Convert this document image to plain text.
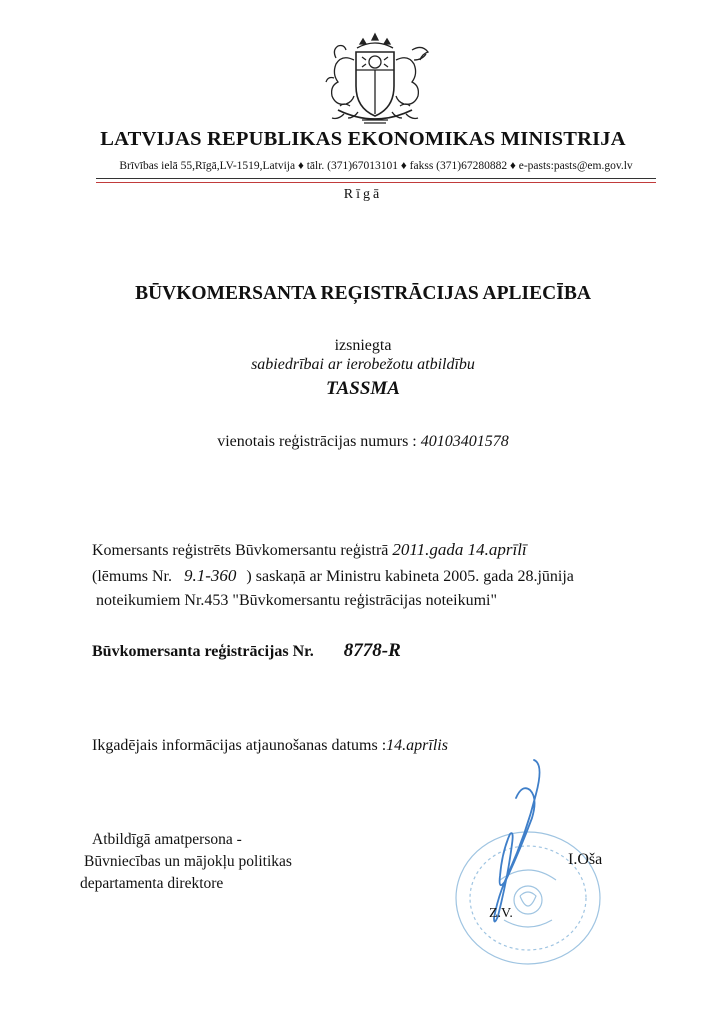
LATVIJAS REPUBLIKAS EKONOMIKAS MINISTRIJA
Brīvības ielā 55,Rīgā,LV-1519,Latvija ♦ tālr. (371)67013101 ♦ fakss (371)67280882 ♦ e-pasts:pasts@em.gov.lv
Rīgā
BŪVKOMERSANTA REĢISTRĀCIJAS APLIECĪBA
izsniegta
sabiedrībai ar ierobežotu atbildību
TASSMA
vienotais reģistrācijas numurs : 40103401578
Komersants reģistrēts Būvkomersantu reģistrā 2011.gada 14.aprīlī
(lēmums Nr. 9.1-360 ) saskaņā ar Ministru kabineta 2005. gada 28.jūnija
noteikumiem Nr.453 "Būvkomersantu reģistrācijas noteikumi"
Būvkomersanta reģistrācijas Nr. 8778-R
Ikgadējais informācijas atjaunošanas datums :14.aprīlis
Atbildīgā amatpersona -
Būvniecības un mājokļu politikas
departamenta direktore
I.Oša
Z.V.
